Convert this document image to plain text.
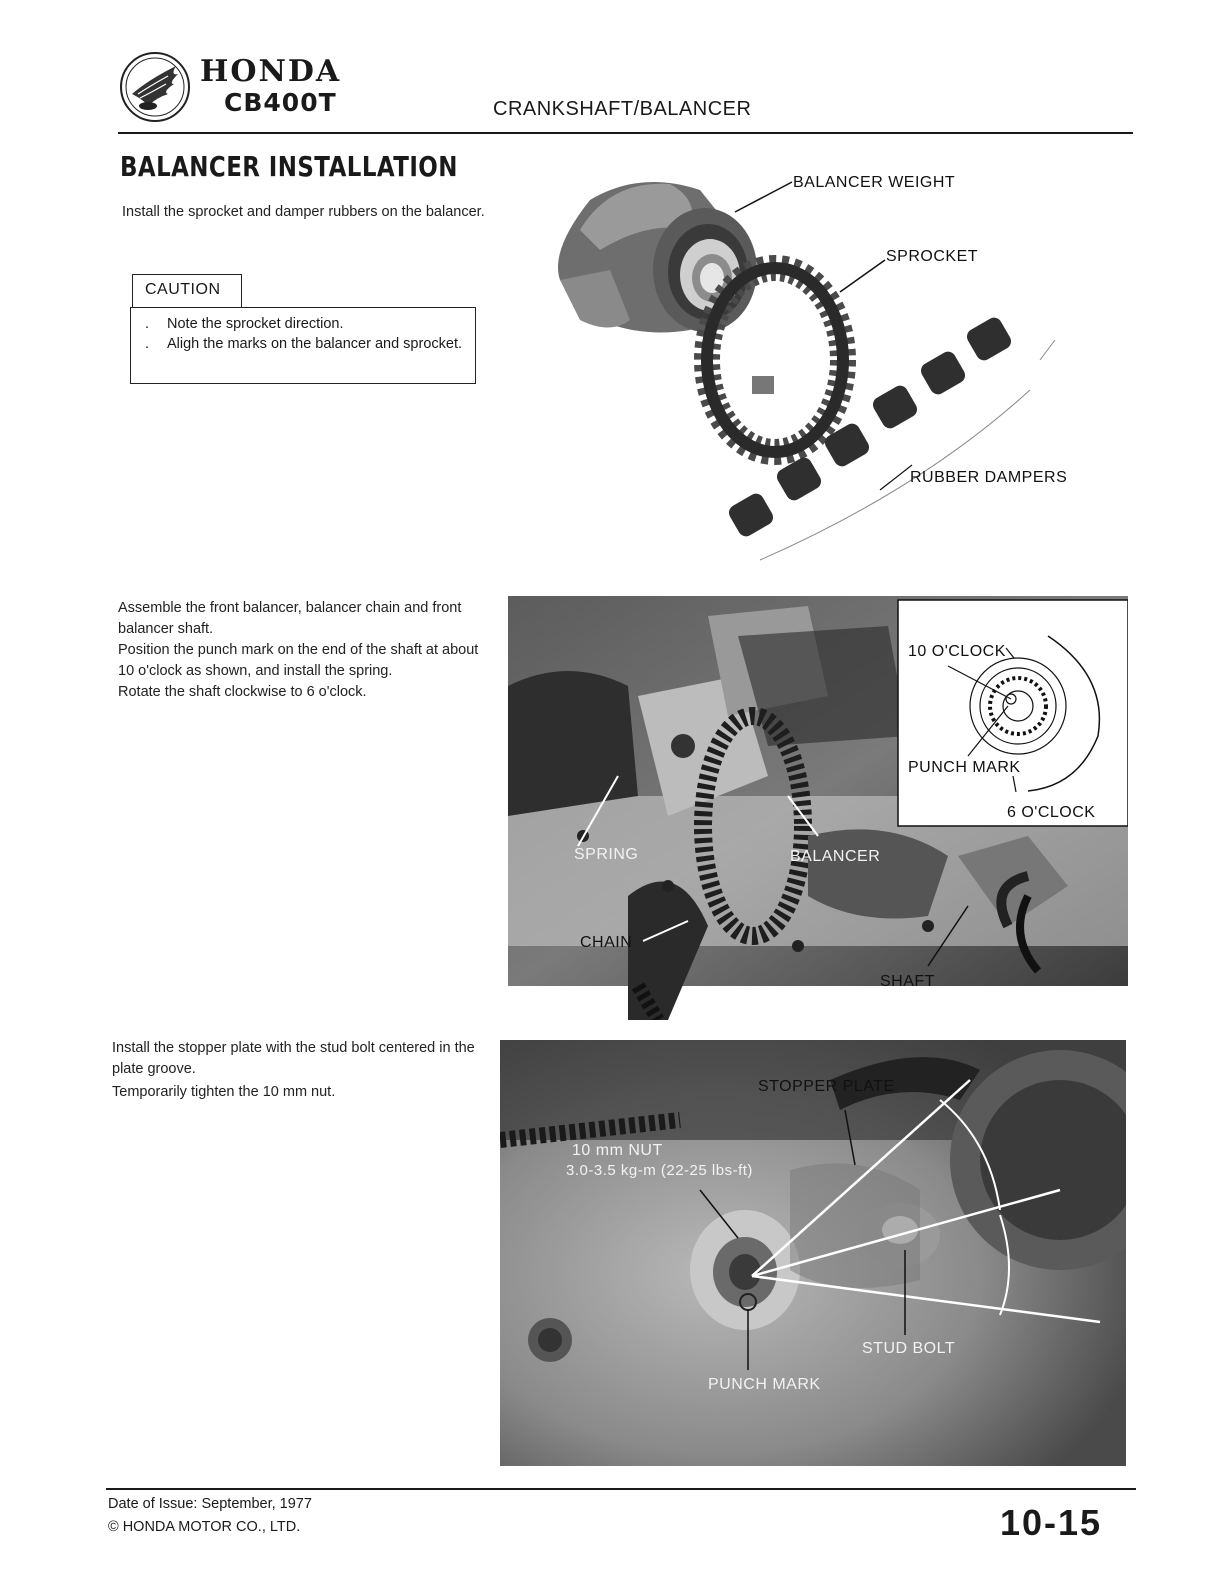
HONDA
CB400T	CRANKSHAFT/BALANCER
BALANCER INSTALLATION
Install the sprocket and damper rubbers on the balancer.
. Note the sprocket direction.
. Aligh the marks on the balancer and sprocket.
CAUTION
BALANCER WEIGHT
SPROCKET
RUBBER DAMPERS
Assemble the front balancer, balancer chain and front balancer shaft.
Position the punch mark on the end of the shaft at about 10 o'clock as shown, and install the spring.
Rotate the shaft clockwise to 6 o'clock.
10 O'CLOCK
PUNCH MARK
6 O'CLOCK
SPRING	BALANCER
CHAIN
SHAFT
Install the stopper plate with the stud bolt centered in the plate groove.
Temporarily tighten the 10 mm nut.	STOPPER PLATE
10 mm NUT
3.0-3.5 kg-m (22-25 lbs-ft)
STUD BOLT
PUNCH MARK
Date of Issue: September, 1977
© HONDA MOTOR CO., LTD.	10-15
